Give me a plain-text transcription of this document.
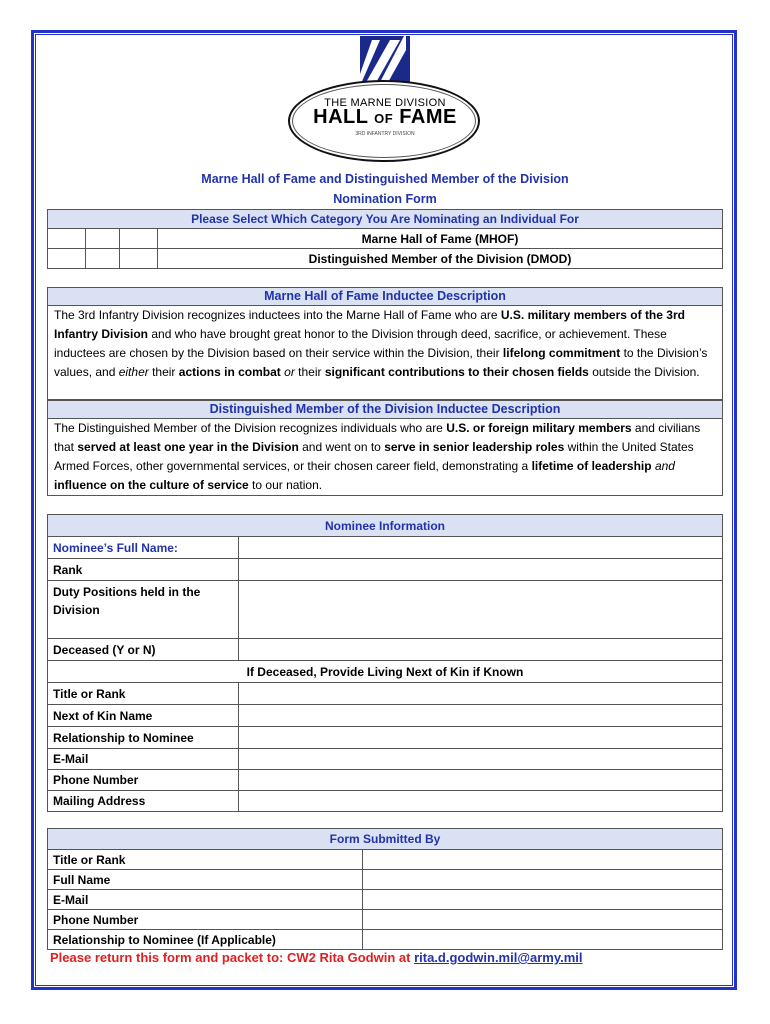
THE MARNE DIVISION
HALL OF FAME
3RD INFANTRY DIVISION
Marne Hall of Fame and Distinguished Member of the Division
Nomination Form
Please Select Which Category You Are Nominating an Individual For			

		Marne Hall of Fame (MHOF)

		Distinguished Member of the Division (DMOD)
Marne Hall of Fame Inductee Description
The 3rd Infantry Division recognizes inductees into the Marne Hall of Fame who are U.S. military members of the 3rd Infantry Division and who have brought great honor to the Division through deed, sacrifice, or achievement. These inductees are chosen by the Division based on their service within the Division, their lifelong commitment to the Division’s values, and either their actions in combat or their significant contributions to their chosen fields outside the Division.
Distinguished Member of the Division Inductee Description
The Distinguished Member of the Division recognizes individuals who are U.S. or foreign military members and civilians that served at least one year in the Division and went on to serve in senior leadership roles within the United States Armed Forces, other governmental services, or their chosen career field, demonstrating a lifetime of leadership and influence on the culture of service to our nation.
Nominee Information	
Nominee’s Full Name:	
Rank	
Duty Positions held in the Division	
Deceased (Y or N)	
If Deceased, Provide Living Next of Kin if Known	
Title or Rank	
Next of Kin Name	
Relationship to Nominee	
E-Mail	
Phone Number	
Mailing Address	
Form Submitted By	
Title or Rank	
Full Name	
E-Mail	
Phone Number	
Relationship to Nominee (If Applicable)	
Please return this form and packet to: CW2 Rita Godwin at rita.d.godwin.mil@army.mil
